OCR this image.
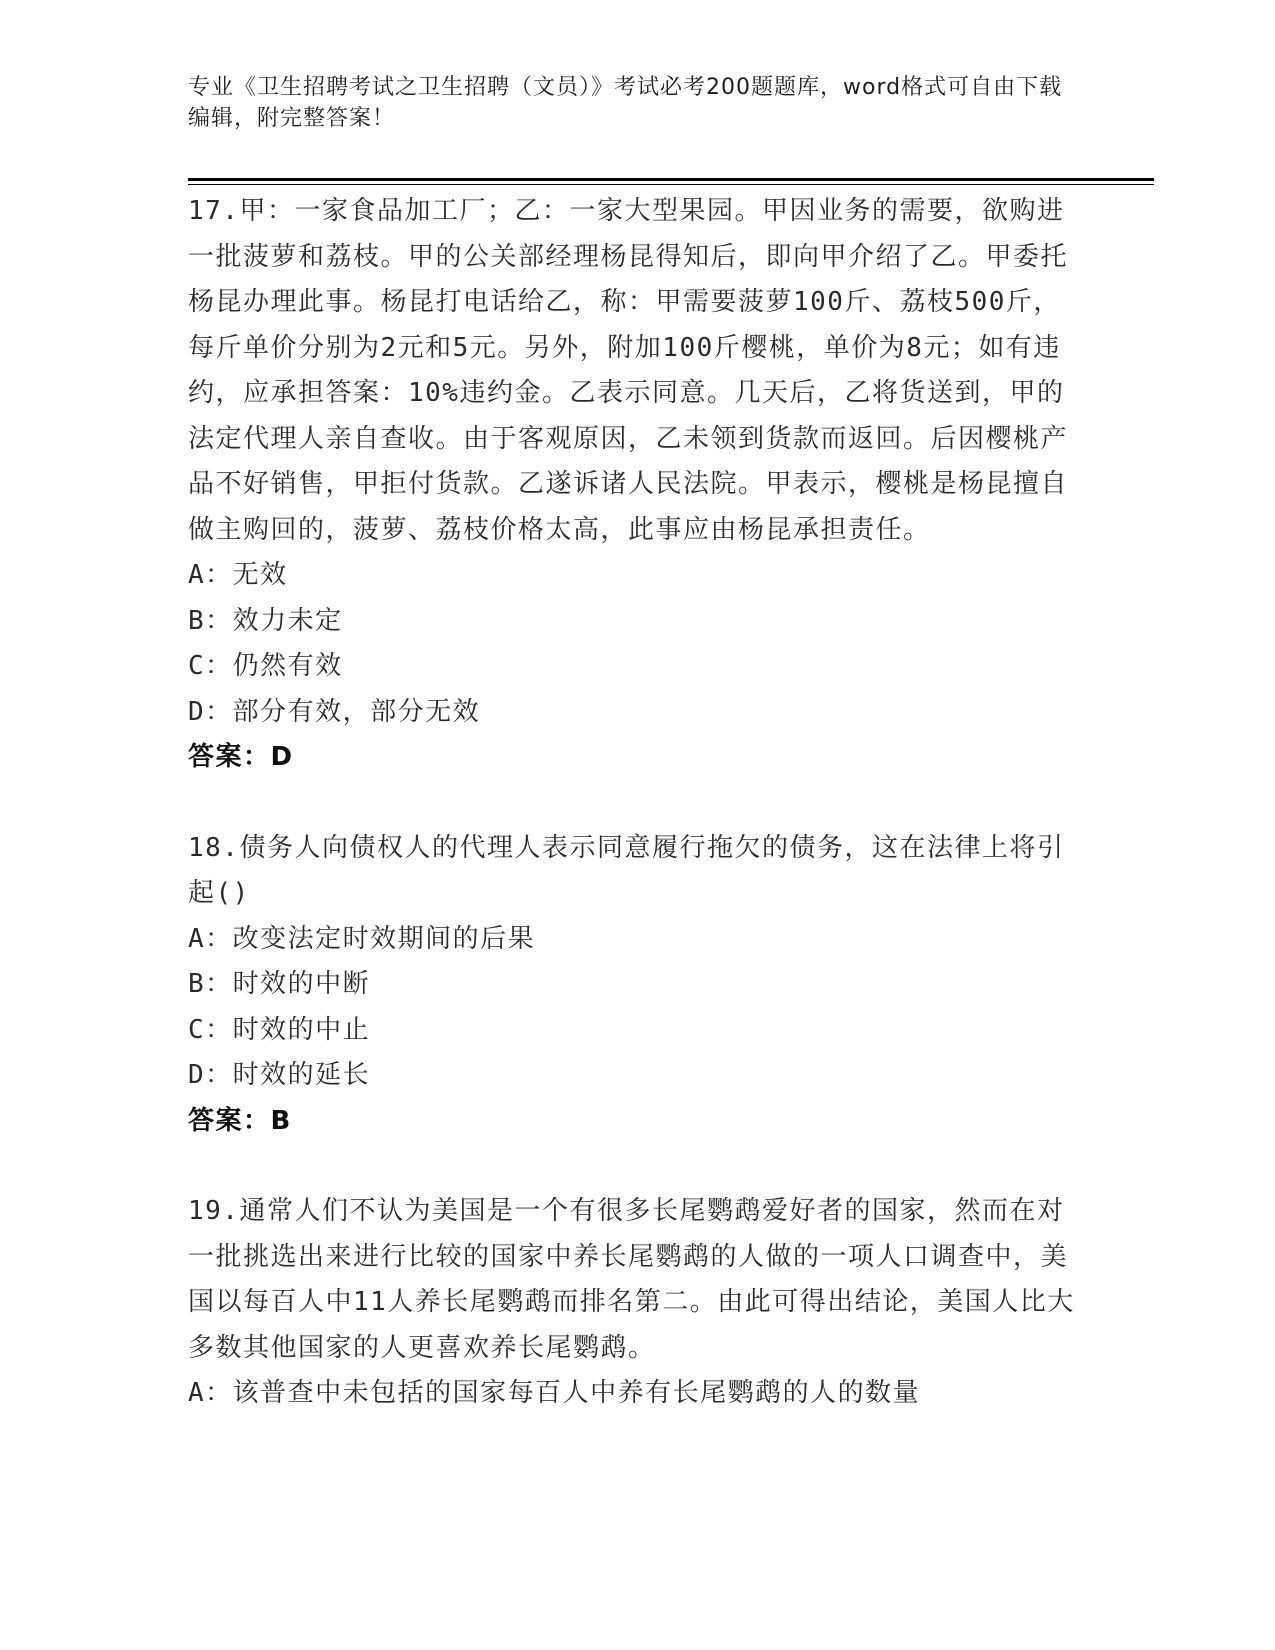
专业《卫生招聘考试之卫生招聘（文员）》考试必考200题题库，word格式可自由下载编辑，附完整答案！

17.甲：一家食品加工厂；乙：一家大型果园。甲因业务的需要，欲购进一批菠萝和荔枝。甲的公关部经理杨昆得知后，即向甲介绍了乙。甲委托杨昆办理此事。杨昆打电话给乙，称：甲需要菠萝100斤、荔枝500斤，每斤单价分别为2元和5元。另外，附加100斤樱桃，单价为8元；如有违约，应承担答案：10%违约金。乙表示同意。几天后，乙将货送到，甲的法定代理人亲自查收。由于客观原因，乙未领到货款而返回。后因樱桃产品不好销售，甲拒付货款。乙遂诉诸人民法院。甲表示，樱桃是杨昆擅自做主购回的，菠萝、荔枝价格太高，此事应由杨昆承担责任。

A：无效

B：效力未定

C：仍然有效

D：部分有效，部分无效

答案：D

18.债务人向债权人的代理人表示同意履行拖欠的债务，这在法律上将引起()

A：改变法定时效期间的后果

B：时效的中断

C：时效的中止

D：时效的延长

答案：B

19.通常人们不认为美国是一个有很多长尾鹦鹉爱好者的国家，然而在对一批挑选出来进行比较的国家中养长尾鹦鹉的人做的一项人口调查中，美国以每百人中11人养长尾鹦鹉而排名第二。由此可得出结论，美国人比大多数其他国家的人更喜欢养长尾鹦鹉。

A：该普查中未包括的国家每百人中养有长尾鹦鹉的人的数量
